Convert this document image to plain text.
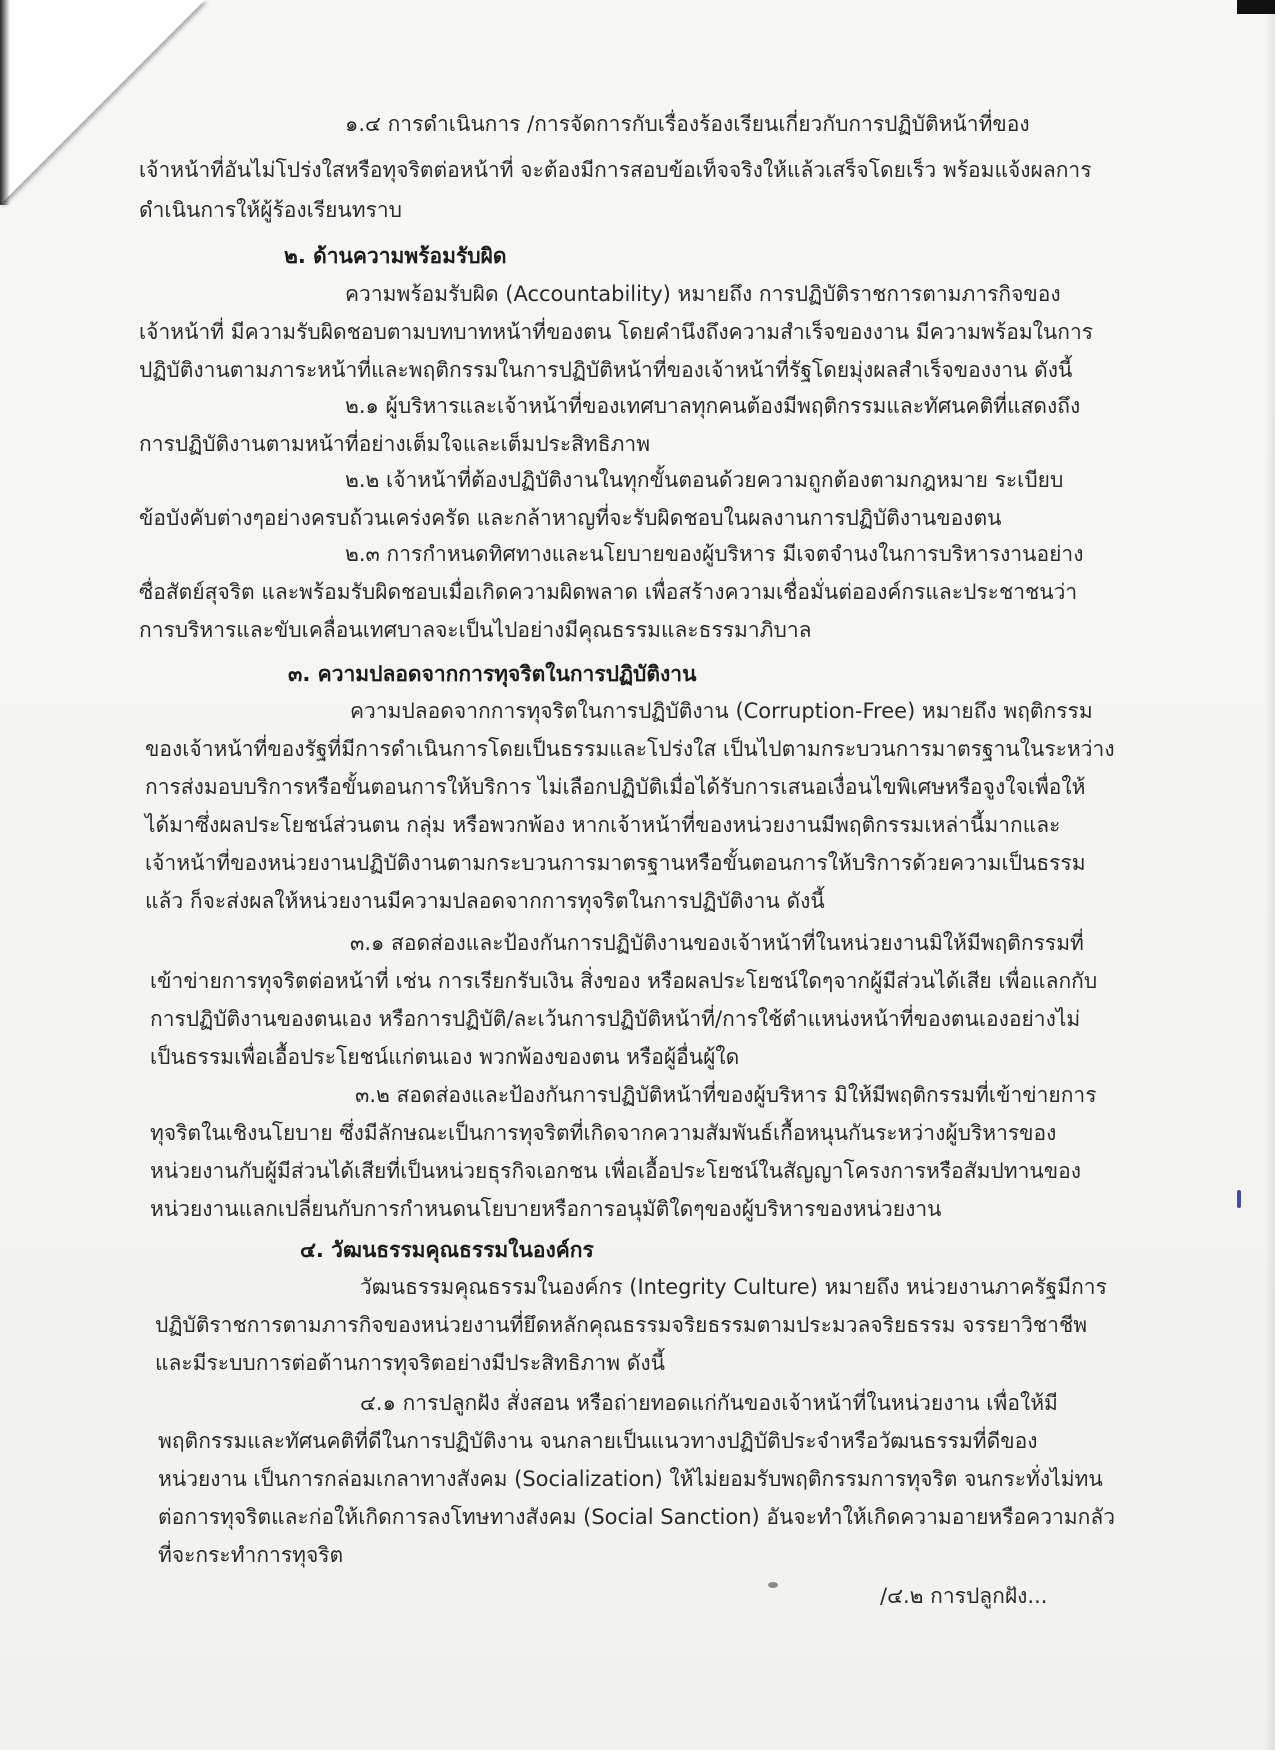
๑.๔ การดำเนินการ /การจัดการกับเรื่องร้องเรียนเกี่ยวกับการปฏิบัติหน้าที่ของ
เจ้าหน้าที่อันไม่โปร่งใสหรือทุจริตต่อหน้าที่ จะต้องมีการสอบข้อเท็จจริงให้แล้วเสร็จโดยเร็ว พร้อมแจ้งผลการ
ดำเนินการให้ผู้ร้องเรียนทราบ
๒. ด้านความพร้อมรับผิด
ความพร้อมรับผิด (Accountability) หมายถึง การปฏิบัติราชการตามภารกิจของ
เจ้าหน้าที่ มีความรับผิดชอบตามบทบาทหน้าที่ของตน โดยคำนึงถึงความสำเร็จของงาน มีความพร้อมในการ
ปฏิบัติงานตามภาระหน้าที่และพฤติกรรมในการปฏิบัติหน้าที่ของเจ้าหน้าที่รัฐโดยมุ่งผลสำเร็จของงาน ดังนี้
๒.๑ ผู้บริหารและเจ้าหน้าที่ของเทศบาลทุกคนต้องมีพฤติกรรมและทัศนคติที่แสดงถึง
การปฏิบัติงานตามหน้าที่อย่างเต็มใจและเต็มประสิทธิภาพ
๒.๒ เจ้าหน้าที่ต้องปฏิบัติงานในทุกขั้นตอนด้วยความถูกต้องตามกฎหมาย ระเบียบ
ข้อบังคับต่างๆอย่างครบถ้วนเคร่งครัด และกล้าหาญที่จะรับผิดชอบในผลงานการปฏิบัติงานของตน
๒.๓ การกำหนดทิศทางและนโยบายของผู้บริหาร มีเจตจำนงในการบริหารงานอย่าง
ซื่อสัตย์สุจริต และพร้อมรับผิดชอบเมื่อเกิดความผิดพลาด เพื่อสร้างความเชื่อมั่นต่อองค์กรและประชาชนว่า
การบริหารและขับเคลื่อนเทศบาลจะเป็นไปอย่างมีคุณธรรมและธรรมาภิบาล
๓. ความปลอดจากการทุจริตในการปฏิบัติงาน
ความปลอดจากการทุจริตในการปฏิบัติงาน (Corruption-Free) หมายถึง พฤติกรรม
ของเจ้าหน้าที่ของรัฐที่มีการดำเนินการโดยเป็นธรรมและโปร่งใส เป็นไปตามกระบวนการมาตรฐานในระหว่าง
การส่งมอบบริการหรือขั้นตอนการให้บริการ ไม่เลือกปฏิบัติเมื่อได้รับการเสนอเงื่อนไขพิเศษหรือจูงใจเพื่อให้
ได้มาซึ่งผลประโยชน์ส่วนตน กลุ่ม หรือพวกพ้อง หากเจ้าหน้าที่ของหน่วยงานมีพฤติกรรมเหล่านี้มากและ
เจ้าหน้าที่ของหน่วยงานปฏิบัติงานตามกระบวนการมาตรฐานหรือขั้นตอนการให้บริการด้วยความเป็นธรรม
แล้ว ก็จะส่งผลให้หน่วยงานมีความปลอดจากการทุจริตในการปฏิบัติงาน ดังนี้
๓.๑ สอดส่องและป้องกันการปฏิบัติงานของเจ้าหน้าที่ในหน่วยงานมิให้มีพฤติกรรมที่
เข้าข่ายการทุจริตต่อหน้าที่ เช่น การเรียกรับเงิน สิ่งของ หรือผลประโยชน์ใดๆจากผู้มีส่วนได้เสีย เพื่อแลกกับ
การปฏิบัติงานของตนเอง หรือการปฏิบัติ/ละเว้นการปฏิบัติหน้าที่/การใช้ตำแหน่งหน้าที่ของตนเองอย่างไม่
เป็นธรรมเพื่อเอื้อประโยชน์แก่ตนเอง พวกพ้องของตน หรือผู้อื่นผู้ใด
๓.๒ สอดส่องและป้องกันการปฏิบัติหน้าที่ของผู้บริหาร มิให้มีพฤติกรรมที่เข้าข่ายการ
ทุจริตในเชิงนโยบาย ซึ่งมีลักษณะเป็นการทุจริตที่เกิดจากความสัมพันธ์เกื้อหนุนกันระหว่างผู้บริหารของ
หน่วยงานกับผู้มีส่วนได้เสียที่เป็นหน่วยธุรกิจเอกชน เพื่อเอื้อประโยชน์ในสัญญาโครงการหรือสัมปทานของ
หน่วยงานแลกเปลี่ยนกับการกำหนดนโยบายหรือการอนุมัติใดๆของผู้บริหารของหน่วยงาน
๔. วัฒนธรรมคุณธรรมในองค์กร
วัฒนธรรมคุณธรรมในองค์กร (Integrity Culture) หมายถึง หน่วยงานภาครัฐมีการ
ปฏิบัติราชการตามภารกิจของหน่วยงานที่ยึดหลักคุณธรรมจริยธรรมตามประมวลจริยธรรม จรรยาวิชาชีพ
และมีระบบการต่อต้านการทุจริตอย่างมีประสิทธิภาพ ดังนี้
๔.๑ การปลูกฝัง สั่งสอน หรือถ่ายทอดแก่กันของเจ้าหน้าที่ในหน่วยงาน เพื่อให้มี
พฤติกรรมและทัศนคติที่ดีในการปฏิบัติงาน จนกลายเป็นแนวทางปฏิบัติประจำหรือวัฒนธรรมที่ดีของ
หน่วยงาน เป็นการกล่อมเกลาทางสังคม (Socialization) ให้ไม่ยอมรับพฤติกรรมการทุจริต จนกระทั่งไม่ทน
ต่อการทุจริตและก่อให้เกิดการลงโทษทางสังคม (Social Sanction) อันจะทำให้เกิดความอายหรือความกลัว
ที่จะกระทำการทุจริต
/๔.๒ การปลูกฝัง...
